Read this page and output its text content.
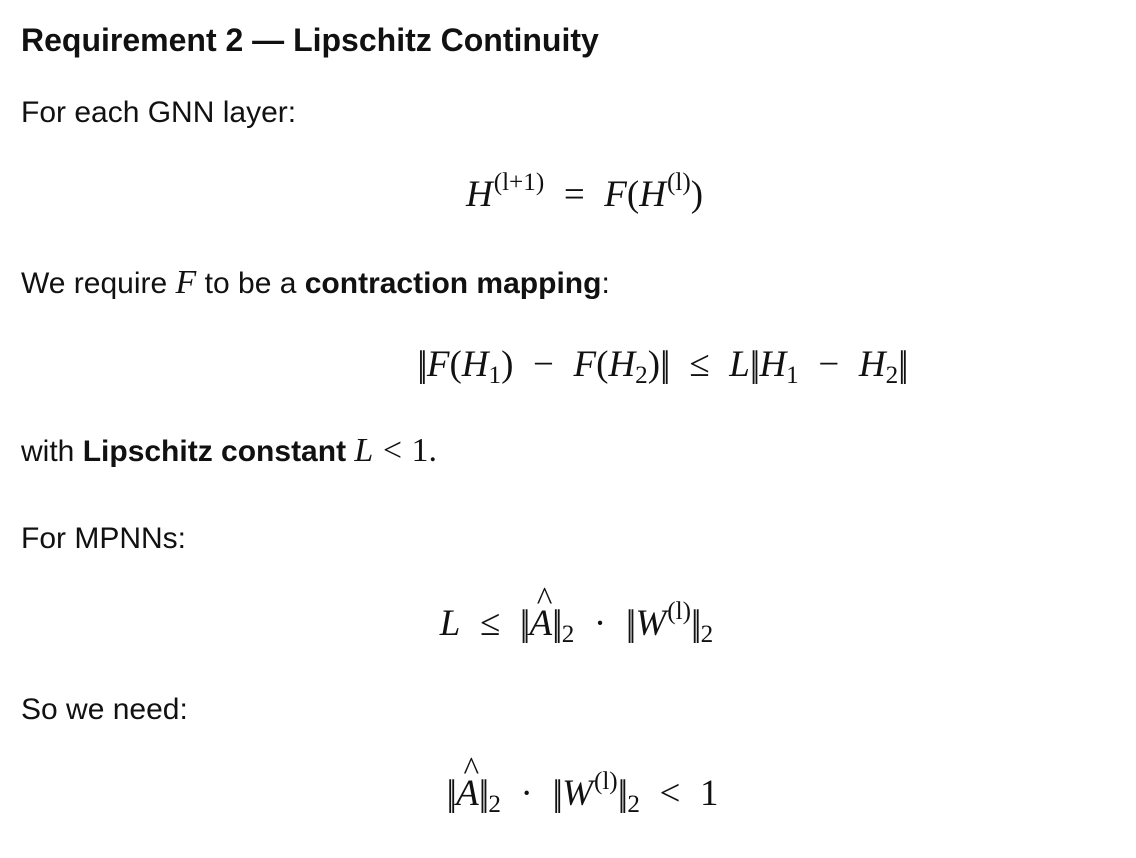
Requirement 2 — Lipschitz Continuity
For each GNN layer:
$H^{(l+1)} = F(H^{(l)})$
We require F to be a contraction mapping:
||F(H1) − F(H2)|| ≤ L||H1 − H2||
with Lipschitz constant L < 1.
For MPNNs:
L ≤ ||^ A|| $2 \cdot ||W^{(l)}||$ 2
So we need:
||^ A|| $2 \cdot ||W^{(l)}||$ 2 < 1
